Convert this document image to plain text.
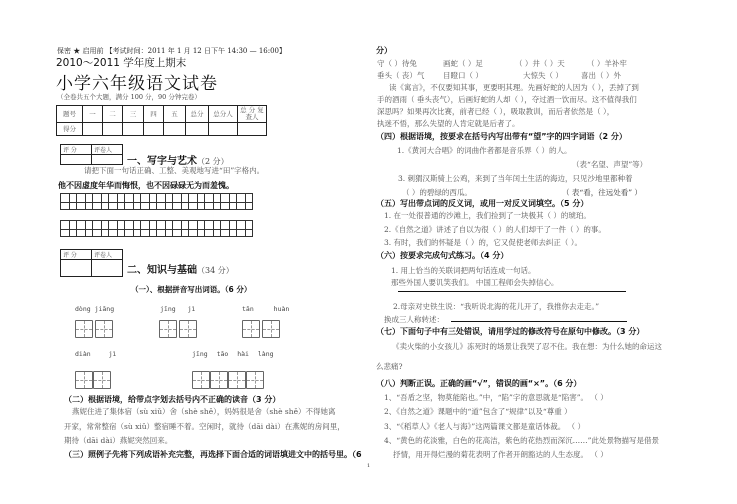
保密 ★ 启用前 【考试时间：2011 年 1 月 12 日下午 14:30 — 16:00】
2010～2011 学年度上期末
小学六年级语文试卷
（全卷共五个大题，满分 100 分，90 分钟完卷）
题号	一	二	三	四	五	总分	总分人	总 分 复查人
得分								
评 分	评卷人

一、写字与艺术（2 分）
请把下面一句话正确、工整、美观地写进“田”字格内。
他不因虚度年华而悔恨，也不因碌碌无为而羞愧。
评 分	评卷人

二、知识与基础（34 分）
（一）、根据拼音写出词语。（6 分）
dòng jiāng	jīng jì	tān huàn
diàn jì	jīng tāo hài làng
（二）根据语境，给带点字划去括号内不正确的读音（3 分）
燕妮住进了集体宿（sù xiǔ）舍（shè shě），妈妈很是舍（shè shě）不得她离
开家，常常整宿（sù xiǔ）整宿睡不着。空闲时，就待（dāi dài）在燕妮的房间里，
期待（dāi dài）燕妮突然回来。
（三）照例子先将下列成语补充完整，再选择下面合适的词语填进文中的括号里。（6
分）
守（ ）待兔	画蛇（ ）足	（ ）井（ ）天	（ ）羊补牢
垂头（ 丧）气 目瞪口（ ）	大惊失（ ） 喜出（ ）外
读《寓言》，不仅要知其事，更要明其理。先画好蛇的人因为（ ），丢掉了到
手的酒雨（ 垂头丧气），后画好蛇的人却（ ），夺过酒一饮而尽。这不值得我们
深思吗？如果再次比赛，前者已经（ ），吸取教训，而后者依然是（ ），
执迷不悟，那么失望的人肯定就是后者了。
（四）根据语境，按要求在括号内写出带有“望”字的四字词语（2 分）
1.《黄河大合唱》的词曲作者都是音乐界（ ）的人。
（表“名望、声望”等）
3. 刺猬汉斯骑上公鸡，来到了当年闰土生活的海边，只见沙地里都种着
（ ）的碧绿的西瓜。	（ 表“看，往远处看” ）
（五）写出带点词的反义词，或用一对反义词填空。（5 分）
1. 在一处很普通的沙滩上，我们捡到了一块极其（ ）的琥珀。
2.《自然之道》讲述了自以为很（ ）的人们却干了一件（ ）的事。
3. 有时，我们的怀疑是（ ）的，它又促使老师去纠正（ ）。
（六）按要求完成句式练习。（4 分）
1. 用上恰当的关联词把两句话连成一句话。
那些外国人要讥笑我们。 中国工程师会失掉信心。
2.母亲对史铁生说：“我听说北海的花儿开了，我推你去走走。”
换成三人称转述：
（七）下面句子中有三处错误，请用学过的修改符号在原句中修改。（3 分）
《卖火柴的小女孩儿》冻死时的场景让我哭了忍不住。我在想：为什么她的命运这
么悲痛?
（八）判断正误。正确的画“√”，错误的画“×”。（6 分）
1、“吾盾之坚，物莫能陷也。”中，“陷”字的意思就是“陷害”。 （ ）
2、《自然之道》课题中的“道”包含了“规律”以及“尊重 ）
3、“《稻草人》《老人与海》”这两篇课文都是童话体裁。 （ ）
4、“黄色的花淡雅，白色的花高洁，紫色的花热烈而深沉……”此处景物描写是借景
抒情，用开得烂漫的菊花表明了作者开朗豁达的人生态度。 （ ）
1
